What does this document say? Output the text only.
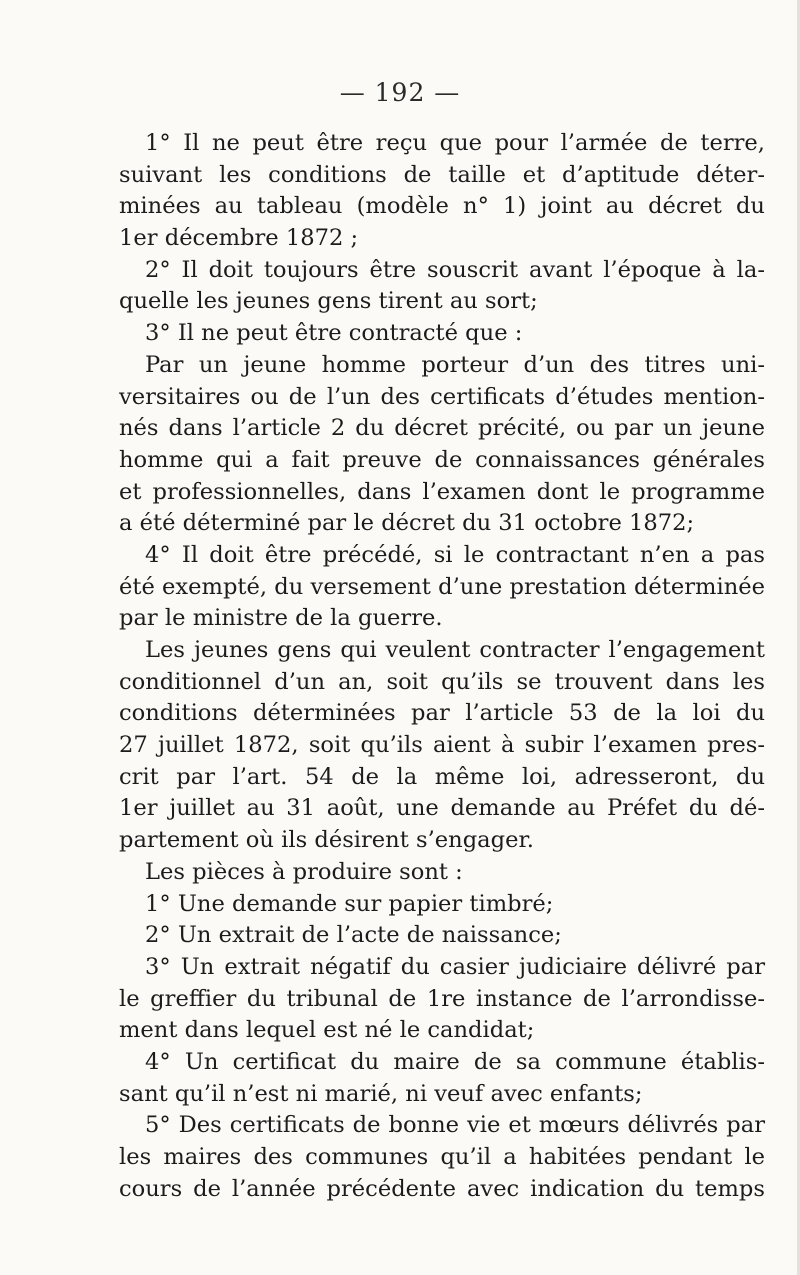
— 192 —
1° Il ne peut être reçu que pour l’armée de terre,
suivant les conditions de taille et d’aptitude déter-
minées au tableau (modèle n° 1) joint au décret du
1er décembre 1872 ;
2° Il doit toujours être souscrit avant l’époque à la-
quelle les jeunes gens tirent au sort;
3° Il ne peut être contracté que :
Par un jeune homme porteur d’un des titres uni-
versitaires ou de l’un des certificats d’études mention-
nés dans l’article 2 du décret précité, ou par un jeune
homme qui a fait preuve de connaissances générales
et professionnelles, dans l’examen dont le programme
a été déterminé par le décret du 31 octobre 1872;
4° Il doit être précédé, si le contractant n’en a pas
été exempté, du versement d’une prestation déterminée
par le ministre de la guerre.
Les jeunes gens qui veulent contracter l’engagement
conditionnel d’un an, soit qu’ils se trouvent dans les
conditions déterminées par l’article 53 de la loi du
27 juillet 1872, soit qu’ils aient à subir l’examen pres-
crit par l’art. 54 de la même loi, adresseront, du
1er juillet au 31 août, une demande au Préfet du dé-
partement où ils désirent s’engager.
Les pièces à produire sont :
1° Une demande sur papier timbré;
2° Un extrait de l’acte de naissance;
3° Un extrait négatif du casier judiciaire délivré par
le greffier du tribunal de 1re instance de l’arrondisse-
ment dans lequel est né le candidat;
4° Un certificat du maire de sa commune établis-
sant qu’il n’est ni marié, ni veuf avec enfants;
5° Des certificats de bonne vie et mœurs délivrés par
les maires des communes qu’il a habitées pendant le
cours de l’année précédente avec indication du temps
